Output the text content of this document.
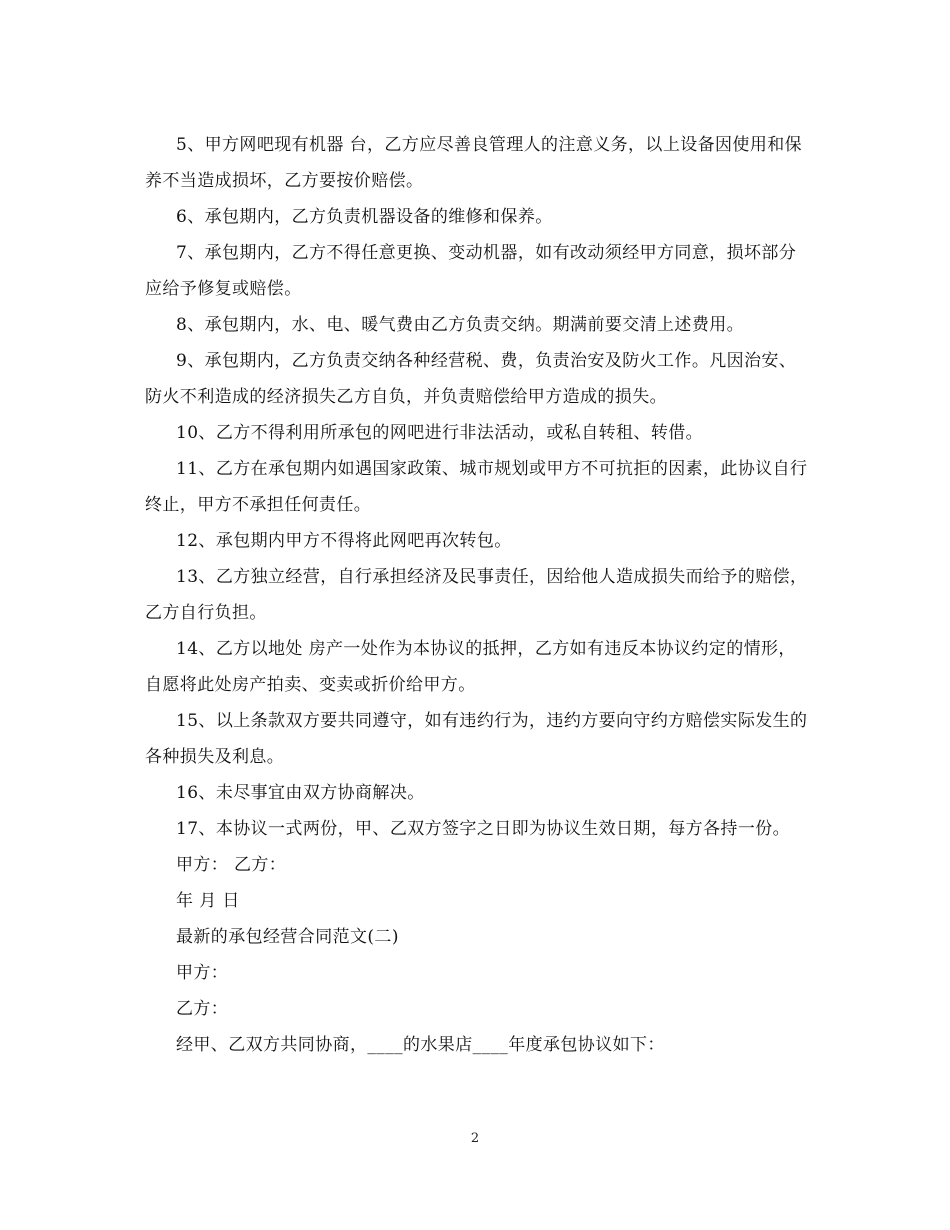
5、甲方网吧现有机器 台，乙方应尽善良管理人的注意义务，以上设备因使用和保养不当造成损坏，乙方要按价赔偿。

6、承包期内，乙方负责机器设备的维修和保养。

7、承包期内，乙方不得任意更换、变动机器，如有改动须经甲方同意，损坏部分应给予修复或赔偿。

8、承包期内，水、电、暖气费由乙方负责交纳。期满前要交清上述费用。

9、承包期内，乙方负责交纳各种经营税、费，负责治安及防火工作。凡因治安、防火不利造成的经济损失乙方自负，并负责赔偿给甲方造成的损失。

10、乙方不得利用所承包的网吧进行非法活动，或私自转租、转借。

11、乙方在承包期内如遇国家政策、城市规划或甲方不可抗拒的因素，此协议自行终止，甲方不承担任何责任。

12、承包期内甲方不得将此网吧再次转包。

13、乙方独立经营，自行承担经济及民事责任，因给他人造成损失而给予的赔偿，乙方自行负担。

14、乙方以地处 房产一处作为本协议的抵押，乙方如有违反本协议约定的情形，自愿将此处房产拍卖、变卖或折价给甲方。

15、以上条款双方要共同遵守，如有违约行为，违约方要向守约方赔偿实际发生的各种损失及利息。

16、未尽事宜由双方协商解决。

17、本协议一式两份，甲、乙双方签字之日即为协议生效日期，每方各持一份。

甲方： 乙方：

年 月 日

最新的承包经营合同范文(二)

甲方：

乙方：

经甲、乙双方共同协商，____的水果店____年度承包协议如下：

2
